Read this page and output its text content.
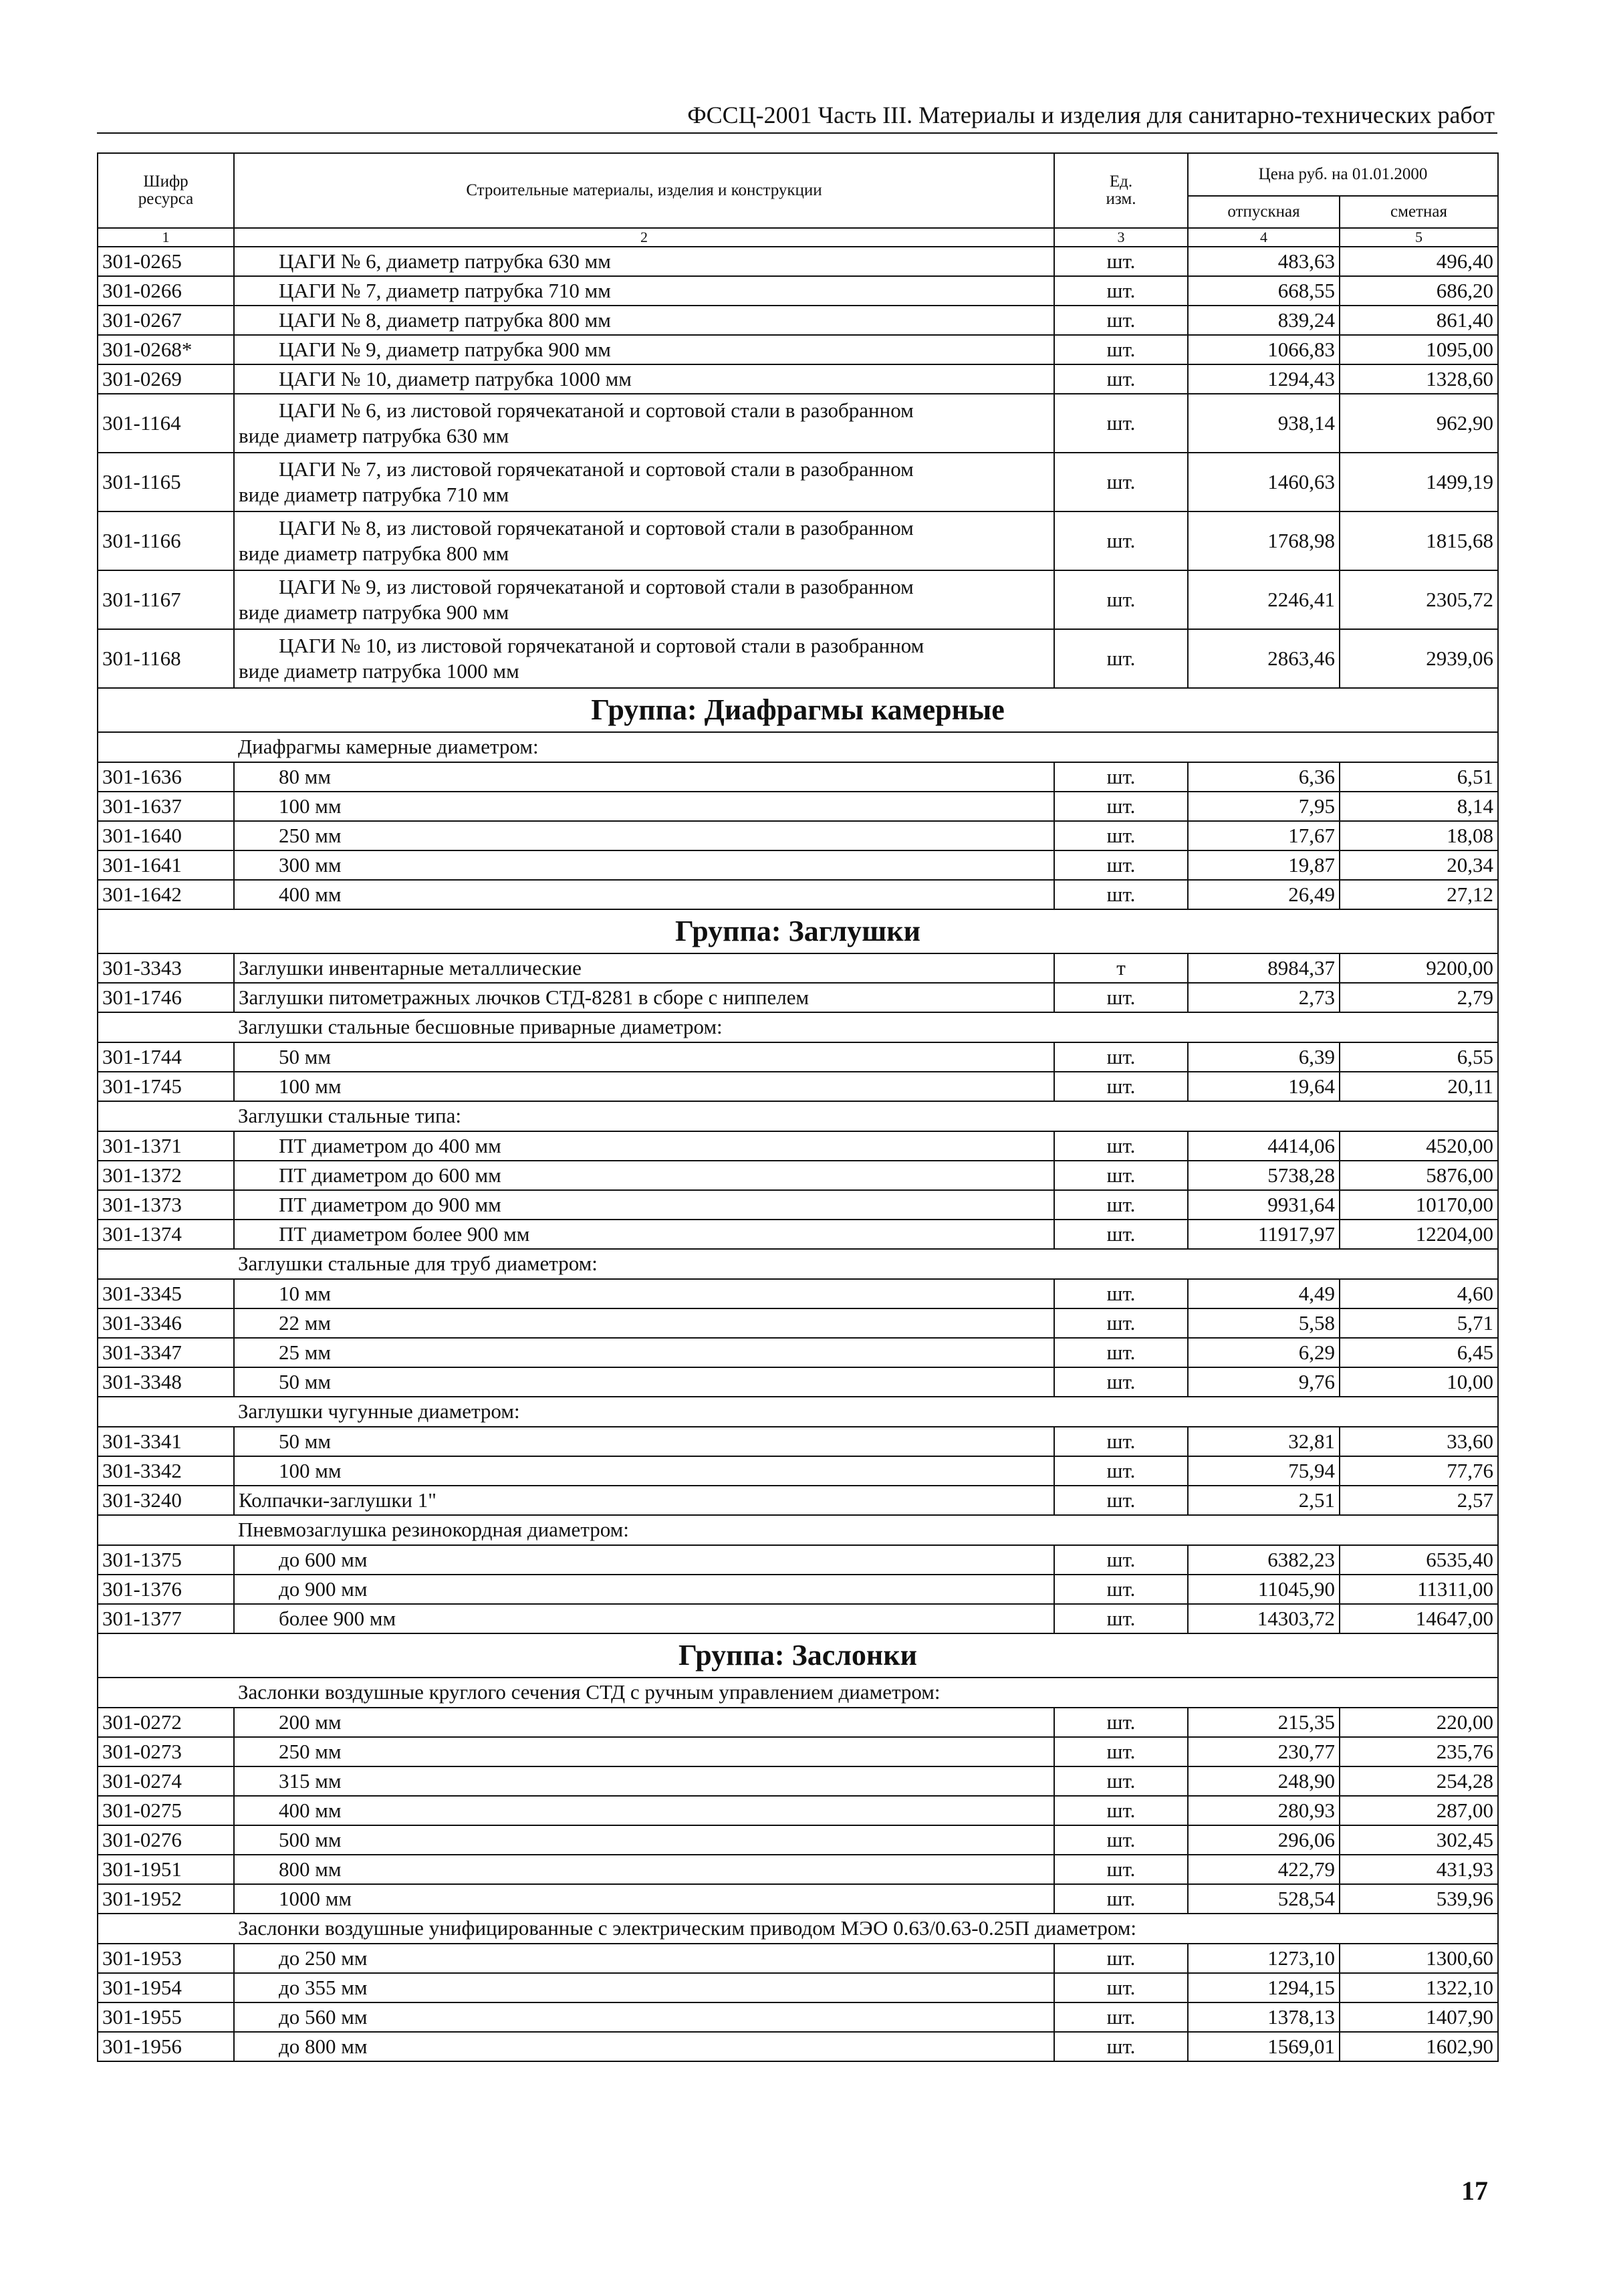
ФССЦ-2001 Часть III. Материалы и изделия для санитарно-технических работ
Шифр ресурса	Строительные материалы, изделия и конструкции	Ед. изм.	Цена руб. на 01.01.2000	
			отпускная	сметная
1	2	3	4	5
301-0265	ЦАГИ № 6, диаметр патрубка 630 мм	шт.	483,63	496,40
301-0266	ЦАГИ № 7, диаметр патрубка 710 мм	шт.	668,55	686,20
301-0267	ЦАГИ № 8, диаметр патрубка 800 мм	шт.	839,24	861,40
301-0268*	ЦАГИ № 9, диаметр патрубка 900 мм	шт.	1066,83	1095,00
301-0269	ЦАГИ № 10, диаметр патрубка 1000 мм	шт.	1294,43	1328,60
301-1164	ЦАГИ № 6, из листовой горячекатаной и сортовой стали в разобранном
виде диаметр патрубка 630 мм	шт.	938,14	962,90
301-1165	ЦАГИ № 7, из листовой горячекатаной и сортовой стали в разобранном
виде диаметр патрубка 710 мм	шт.	1460,63	1499,19
301-1166	ЦАГИ № 8, из листовой горячекатаной и сортовой стали в разобранном
виде диаметр патрубка 800 мм	шт.	1768,98	1815,68
301-1167	ЦАГИ № 9, из листовой горячекатаной и сортовой стали в разобранном
виде диаметр патрубка 900 мм	шт.	2246,41	2305,72
301-1168	ЦАГИ № 10, из листовой горячекатаной и сортовой стали в разобранном
виде диаметр патрубка 1000 мм	шт.	2863,46	2939,06
Группа: Диафрагмы камерные				
	Диафрагмы камерные диаметром:			
301-1636	80 мм	шт.	6,36	6,51
301-1637	100 мм	шт.	7,95	8,14
301-1640	250 мм	шт.	17,67	18,08
301-1641	300 мм	шт.	19,87	20,34
301-1642	400 мм	шт.	26,49	27,12
Группа: Заглушки				
301-3343	Заглушки инвентарные металлические	т	8984,37	9200,00
301-1746	Заглушки питометражных лючков СТД-8281 в сборе с ниппелем	шт.	2,73	2,79
	Заглушки стальные бесшовные приварные диаметром:			
301-1744	50 мм	шт.	6,39	6,55
301-1745	100 мм	шт.	19,64	20,11
	Заглушки стальные типа:			
301-1371	ПТ диаметром до 400 мм	шт.	4414,06	4520,00
301-1372	ПТ диаметром до 600 мм	шт.	5738,28	5876,00
301-1373	ПТ диаметром до 900 мм	шт.	9931,64	10170,00
301-1374	ПТ диаметром более 900 мм	шт.	11917,97	12204,00
	Заглушки стальные для труб диаметром:			
301-3345	10 мм	шт.	4,49	4,60
301-3346	22 мм	шт.	5,58	5,71
301-3347	25 мм	шт.	6,29	6,45
301-3348	50 мм	шт.	9,76	10,00
	Заглушки чугунные диаметром:			
301-3341	50 мм	шт.	32,81	33,60
301-3342	100 мм	шт.	75,94	77,76
301-3240	Колпачки-заглушки 1"	шт.	2,51	2,57
	Пневмозаглушка резинокордная диаметром:			
301-1375	до 600 мм	шт.	6382,23	6535,40
301-1376	до 900 мм	шт.	11045,90	11311,00
301-1377	более 900 мм	шт.	14303,72	14647,00
Группа: Заслонки				
	Заслонки воздушные круглого сечения СТД с ручным управлением диаметром:			
301-0272	200 мм	шт.	215,35	220,00
301-0273	250 мм	шт.	230,77	235,76
301-0274	315 мм	шт.	248,90	254,28
301-0275	400 мм	шт.	280,93	287,00
301-0276	500 мм	шт.	296,06	302,45
301-1951	800 мм	шт.	422,79	431,93
301-1952	1000 мм	шт.	528,54	539,96
	Заслонки воздушные унифицированные с электрическим приводом МЭО 0.63/0.63-0.25П диаметром:			
301-1953	до 250 мм	шт.	1273,10	1300,60
301-1954	до 355 мм	шт.	1294,15	1322,10
301-1955	до 560 мм	шт.	1378,13	1407,90
301-1956	до 800 мм	шт.	1569,01	1602,90
17
